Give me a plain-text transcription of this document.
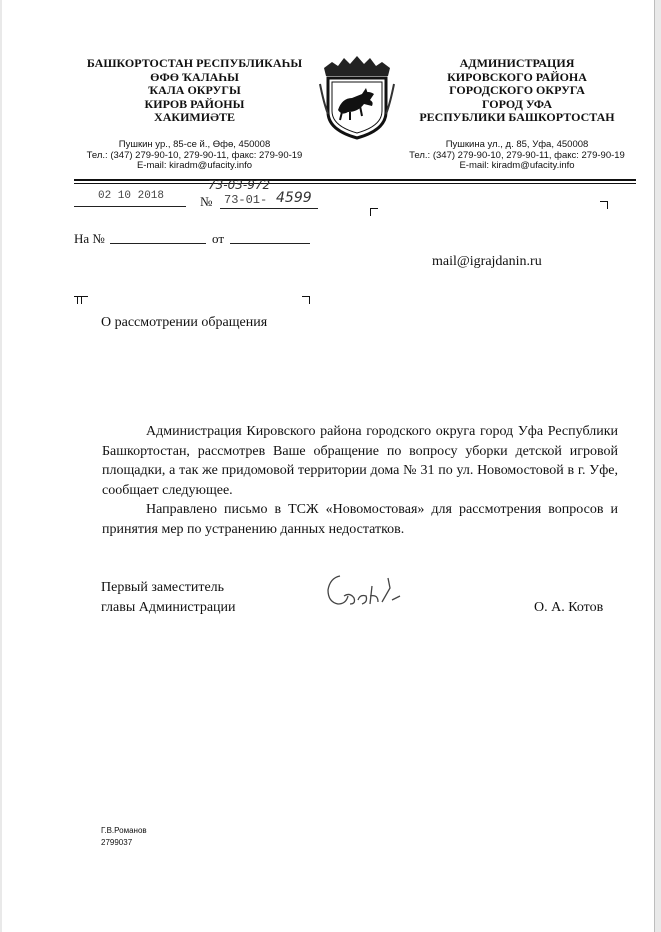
БАШКОРТОСТАН РЕСПУБЛИКАҺЫ
ӨФӨ ҠАЛАҺЫ
ҠАЛА ОКРУГЫ
КИРОВ РАЙОНЫ
ХАКИМИӘТЕ
АДМИНИСТРАЦИЯ
КИРОВСКОГО РАЙОНА
ГОРОДСКОГО ОКРУГА
ГОРОД УФА
РЕСПУБЛИКИ БАШКОРТОСТАН
Пушкин ур., 85-се й., Өфө, 450008
Тел.: (347) 279-90-10, 279-90-11, факс: 279-90-19
E-mail: kiradm@ufacity.info
Пушкина ул., д. 85, Уфа, 450008
Тел.: (347) 279-90-10, 279-90-11, факс: 279-90-19
E-mail: kiradm@ufacity.info
02 10 2018	№ 73-01- 4599
73-03-972
На №	от
mail@igrajdanin.ru
О рассмотрении обращения

Администрация Кировского района городского округа город Уфа Республики Башкортостан, рассмотрев Ваше обращение по вопросу уборки детской игровой площадки, а так же придомовой территории дома № 31 по ул. Новомостовой в г. Уфе, сообщает следующее.

Направлено письмо в ТСЖ «Новомостовая» для рассмотрения вопросов и принятия мер по устранению данных недостатков.

Первый заместитель
главы Администрации	О. А. Котов
Г.В.Романов
2799037
